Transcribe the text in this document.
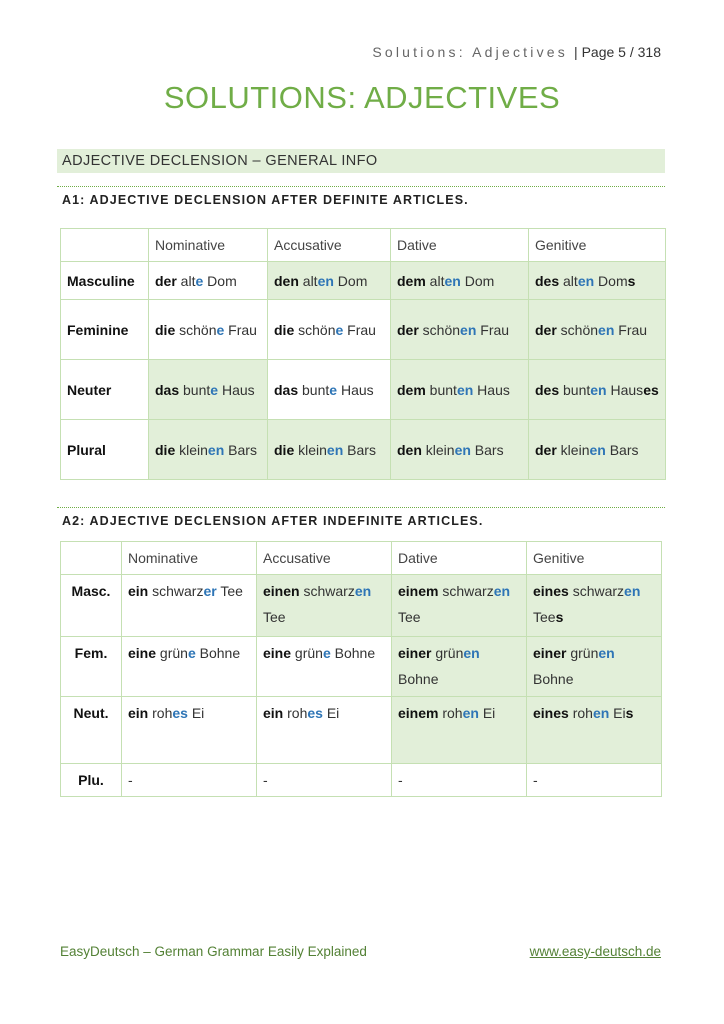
Solutions: Adjectives | Page 5 / 318
SOLUTIONS: ADJECTIVES
ADJECTIVE DECLENSION – GENERAL INFO
A1: ADJECTIVE DECLENSION AFTER DEFINITE ARTICLES.
	Nominative	Accusative	Dative	Genitive
Masculine	der alte Dom	den alten Dom	dem alten Dom	des alten Doms
Feminine	die schöne Frau	die schöne Frau	der schönen Frau	der schönen Frau
Neuter	das bunte Haus	das bunte Haus	dem bunten Haus	des bunten Hauses
Plural	die kleinen Bars	die kleinen Bars	den kleinen Bars	der kleinen Bars
A2: ADJECTIVE DECLENSION AFTER INDEFINITE ARTICLES.
	Nominative	Accusative	Dative	Genitive
Masc.	ein schwarzer Tee	einen schwarzen Tee	einem schwarzen Tee	eines schwarzen Tees
Fem.	eine grüne Bohne	eine grüne Bohne	einer grünen Bohne	einer grünen Bohne
Neut.	ein rohes Ei	ein rohes Ei	einem rohen Ei	eines rohen Eis
Plu.	-	-	-	-
EasyDeutsch – German Grammar Easily Explained	www.easy-deutsch.de
